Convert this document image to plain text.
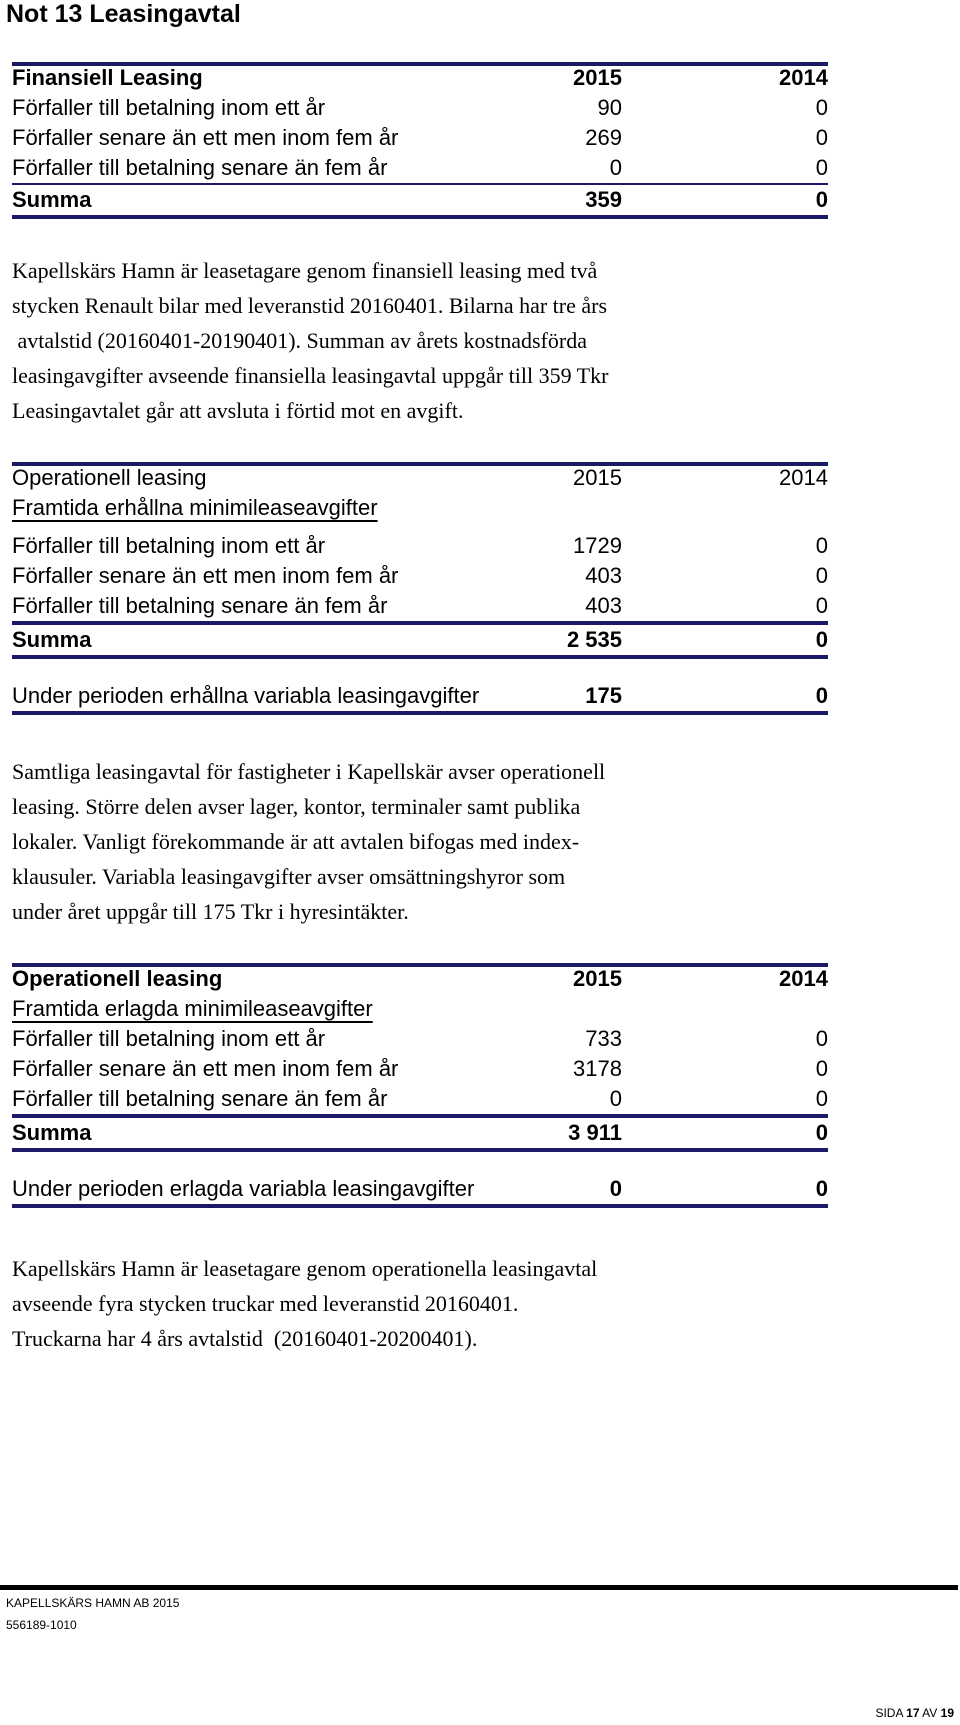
Not 13 Leasingavtal
Finansiell Leasing	2015	2014
Förfaller till betalning inom ett år	90	0
Förfaller senare än ett men inom fem år	269	0
Förfaller till betalning senare än fem år	0	0
Summa	359	0
Kapellskärs Hamn är leasetagare genom finansiell leasing med två
stycken Renault bilar med leveranstid 20160401. Bilarna har tre års
avtalstid (20160401-20190401). Summan av årets kostnadsförda
leasingavgifter avseende finansiella leasingavtal uppgår till 359 Tkr
Leasingavtalet går att avsluta i förtid mot en avgift.
Operationell leasing	2015	2014
Framtida erhållna minimileaseavgifter
Förfaller till betalning inom ett år	1729	0
Förfaller senare än ett men inom fem år	403	0
Förfaller till betalning senare än fem år	403	0
Summa	2 535	0
Under perioden erhållna variabla leasingavgifter	175	0
Samtliga leasingavtal för fastigheter i Kapellskär avser operationell
leasing. Större delen avser lager, kontor, terminaler samt publika
lokaler. Vanligt förekommande är att avtalen bifogas med index-
klausuler. Variabla leasingavgifter avser omsättningshyror som
under året uppgår till 175 Tkr i hyresintäkter.
Operationell leasing	2015	2014
Framtida erlagda minimileaseavgifter
Förfaller till betalning inom ett år	733	0
Förfaller senare än ett men inom fem år	3178	0
Förfaller till betalning senare än fem år	0	0
Summa	3 911	0
Under perioden erlagda variabla leasingavgifter	0	0
Kapellskärs Hamn är leasetagare genom operationella leasingavtal
avseende fyra stycken truckar med leveranstid 20160401.
Truckarna har 4 års avtalstid  (20160401-20200401).
KAPELLSKÄRS HAMN AB 2015
556189-1010
SIDA 17 AV 19
